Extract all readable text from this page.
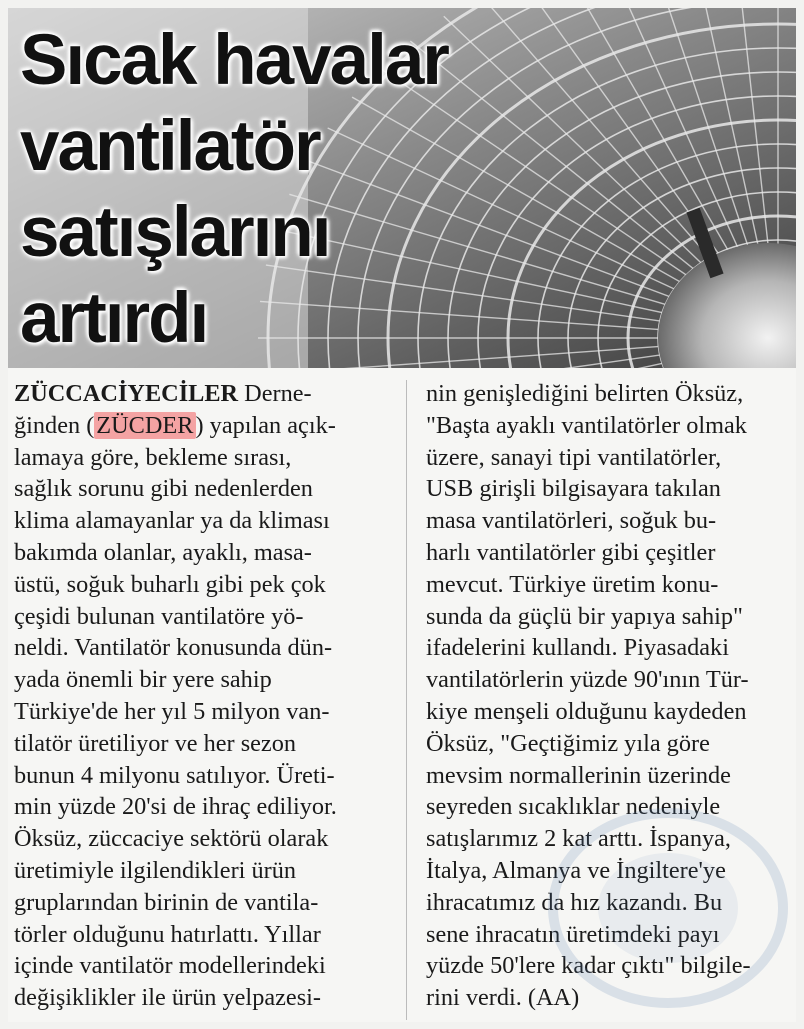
Sıcak havalar
vantilatör
satışlarını
artırdı
ZÜCCACİYECİLER Derne-
ğinden (ZÜCDER) yapılan açık-
lamaya göre, bekleme sırası,
sağlık sorunu gibi nedenlerden
klima alamayanlar ya da kliması
bakımda olanlar, ayaklı, masa-
üstü, soğuk buharlı gibi pek çok
çeşidi bulunan vantilatöre yö-
neldi. Vantilatör konusunda dün-
yada önemli bir yere sahip
Türkiye'de her yıl 5 milyon van-
tilatör üretiliyor ve her sezon
bunun 4 milyonu satılıyor. Üreti-
min yüzde 20'si de ihraç ediliyor.
Öksüz, züccaciye sektörü olarak
üretimiyle ilgilendikleri ürün
gruplarından birinin de vantila-
törler olduğunu hatırlattı. Yıllar
içinde vantilatör modellerindeki
değişiklikler ile ürün yelpazesi-
nin genişlediğini belirten Öksüz,
"Başta ayaklı vantilatörler olmak
üzere, sanayi tipi vantilatörler,
USB girişli bilgisayara takılan
masa vantilatörleri, soğuk bu-
harlı vantilatörler gibi çeşitler
mevcut. Türkiye üretim konu-
sunda da güçlü bir yapıya sahip"
ifadelerini kullandı. Piyasadaki
vantilatörlerin yüzde 90'ının Tür-
kiye menşeli olduğunu kaydeden
Öksüz, "Geçtiğimiz yıla göre
mevsim normallerinin üzerinde
seyreden sıcaklıklar nedeniyle
satışlarımız 2 kat arttı. İspanya,
İtalya, Almanya ve İngiltere'ye
ihracatımız da hız kazandı. Bu
sene ihracatın üretimdeki payı
yüzde 50'lere kadar çıktı" bilgile-
rini verdi. (AA)
